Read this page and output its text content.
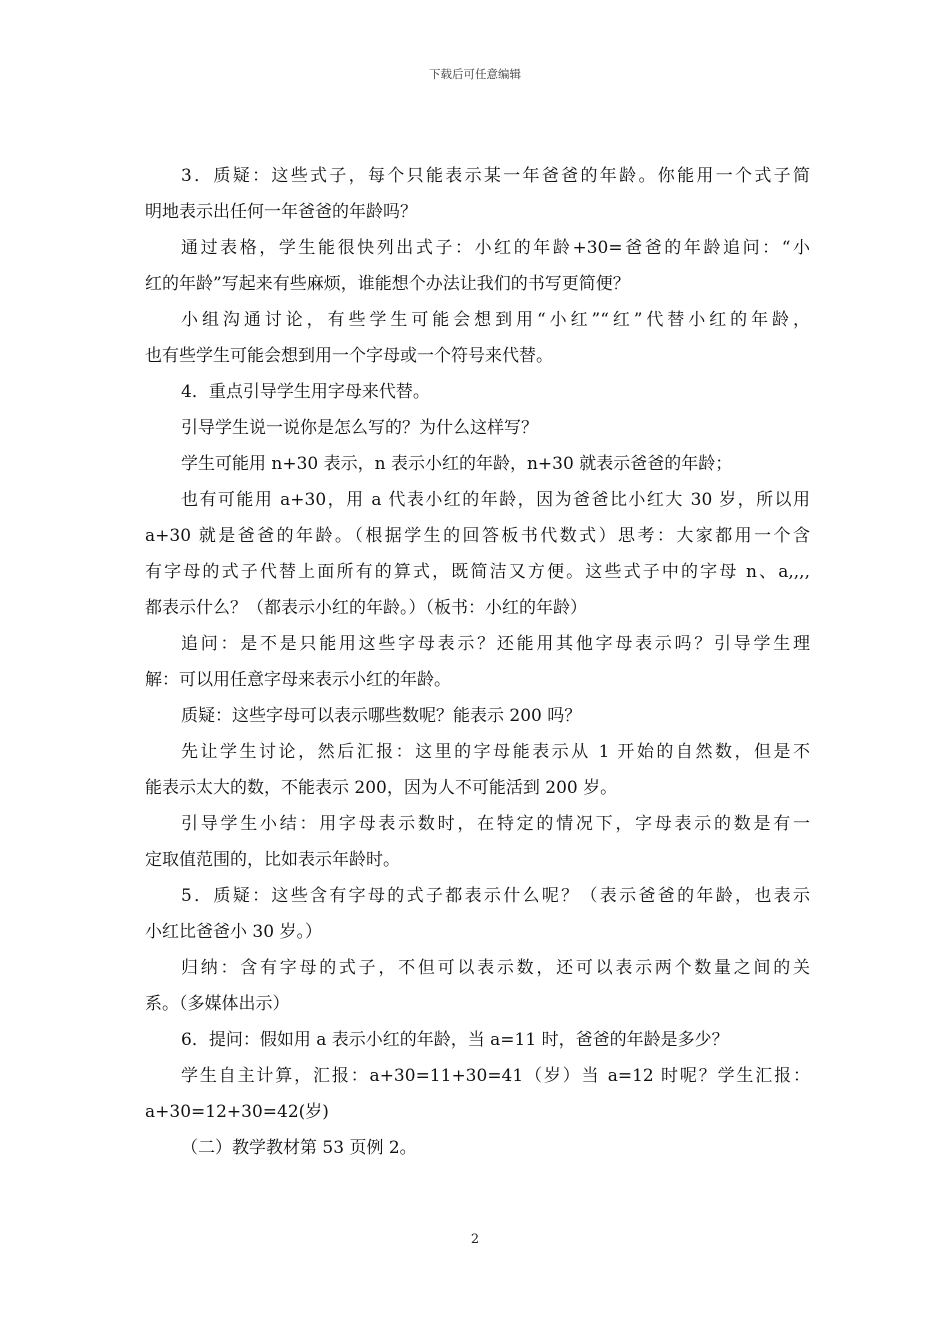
下载后可任意编辑

3．质疑：这些式子，每个只能表示某一年爸爸的年龄。你能用一个式子简
明地表示出任何一年爸爸的年龄吗？

通过表格，学生能很快列出式子：小红的年龄+30=爸爸的年龄追问：“小
红的年龄”写起来有些麻烦，谁能想个办法让我们的书写更简便？

小组沟通讨论，有些学生可能会想到用“小红”“红”代替小红的年龄，
也有些学生可能会想到用一个字母或一个符号来代替。

4．重点引导学生用字母来代替。

引导学生说一说你是怎么写的？为什么这样写？

学生可能用 n+30 表示，n 表示小红的年龄，n+30 就表示爸爸的年龄；

也有可能用 a+30，用 a 代表小红的年龄，因为爸爸比小红大 30 岁，所以用
a+30 就是爸爸的年龄。（根据学生的回答板书代数式）思考：大家都用一个含
有字母的式子代替上面所有的算式，既简洁又方便。这些式子中的字母 n、a,,,,
都表示什么？（都表示小红的年龄。）（板书：小红的年龄）

追问：是不是只能用这些字母表示？还能用其他字母表示吗？引导学生理
解：可以用任意字母来表示小红的年龄。

质疑：这些字母可以表示哪些数呢？能表示 200 吗？

先让学生讨论，然后汇报：这里的字母能表示从 1 开始的自然数，但是不
能表示太大的数，不能表示 200，因为人不可能活到 200 岁。

引导学生小结：用字母表示数时，在特定的情况下，字母表示的数是有一
定取值范围的，比如表示年龄时。

5．质疑：这些含有字母的式子都表示什么呢？（表示爸爸的年龄，也表示
小红比爸爸小 30 岁。）

归纳：含有字母的式子，不但可以表示数，还可以表示两个数量之间的关
系。（多媒体出示）

6．提问：假如用 a 表示小红的年龄，当 a=11 时，爸爸的年龄是多少？

学生自主计算，汇报：a+30=11+30=41（岁）当 a=12 时呢？学生汇报：
a+30=12+30=42(岁)

（二）教学教材第 53 页例 2。

2
